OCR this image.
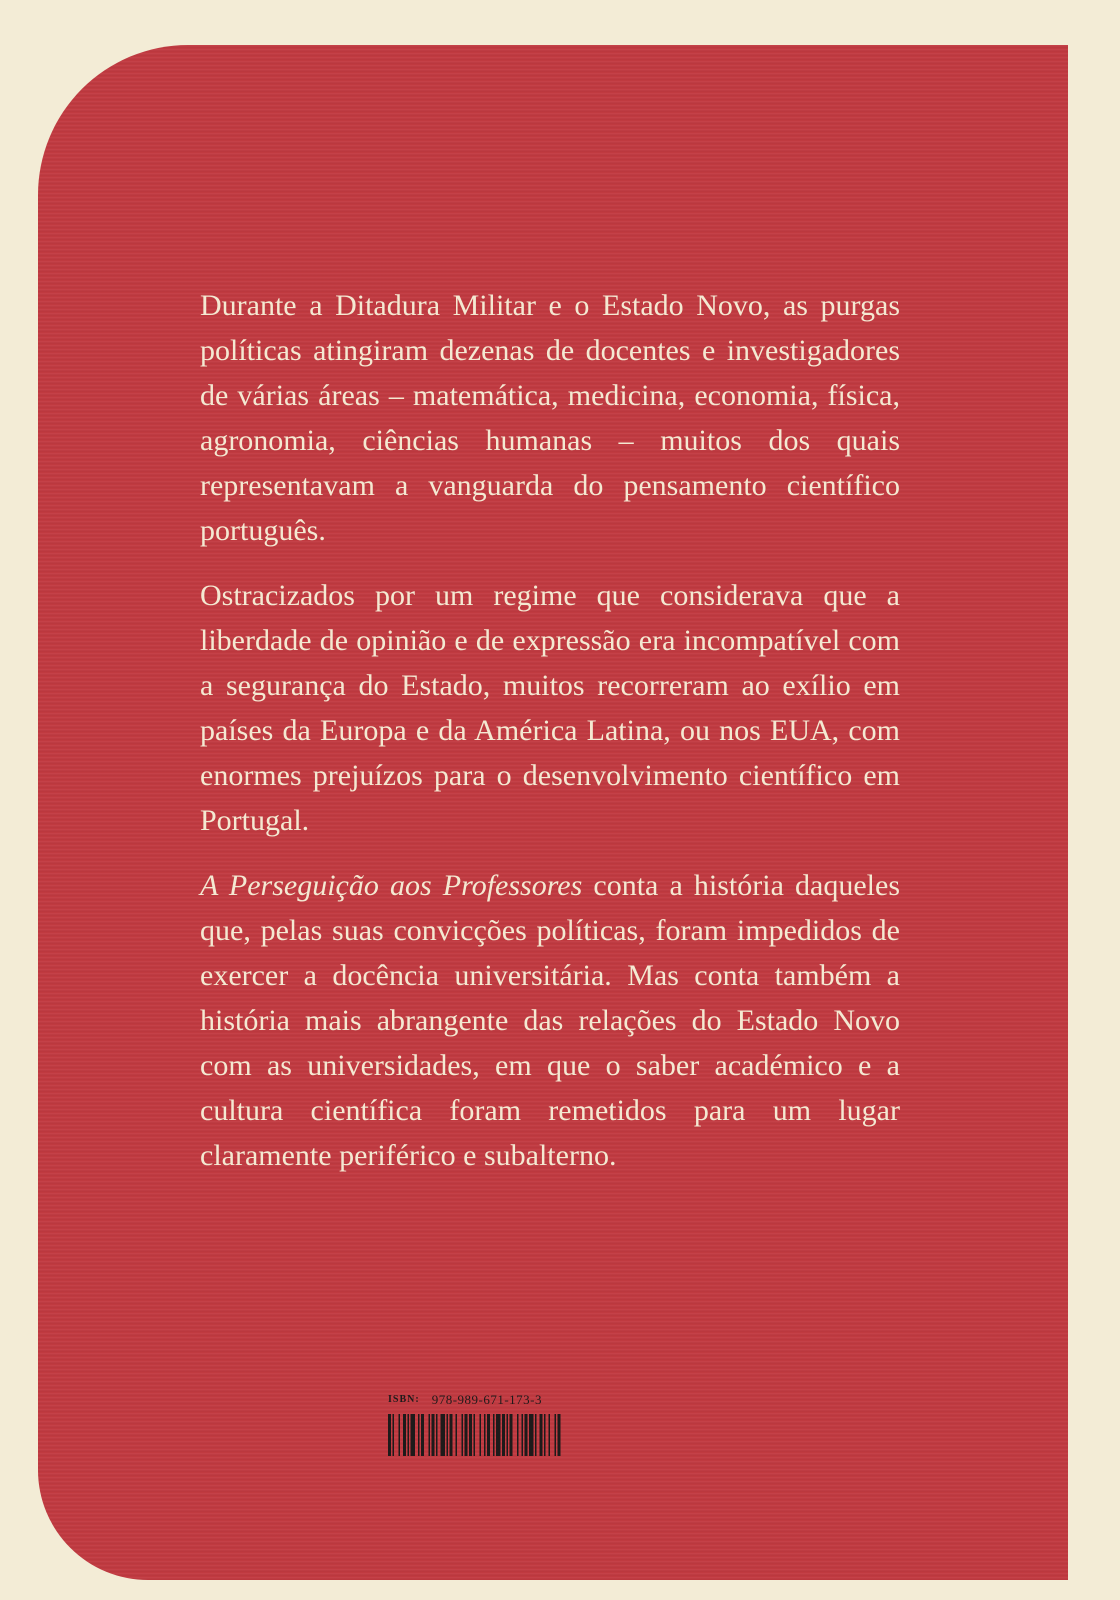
Durante a Ditadura Militar e o Estado Novo, as purgas políticas atingiram dezenas de docentes e investigadores de várias áreas – matemática, medicina, economia, física, agronomia, ciências humanas – muitos dos quais representavam a vanguarda do pensamento científico português.

Ostracizados por um regime que considerava que a liberdade de opinião e de expressão era incompatível com a segurança do Estado, muitos recorreram ao exílio em países da Europa e da América Latina, ou nos EUA, com enormes prejuízos para o desenvolvimento científico em Portugal.

A Perseguição aos Professores conta a história daqueles que, pelas suas convicções políticas, foram impedidos de exercer a docência universitária. Mas conta também a história mais abrangente das relações do Estado Novo com as universidades, em que o saber académico e a cultura científica foram remetidos para um lugar claramente periférico e subalterno.

ISBN: 978-989-671-173-3
